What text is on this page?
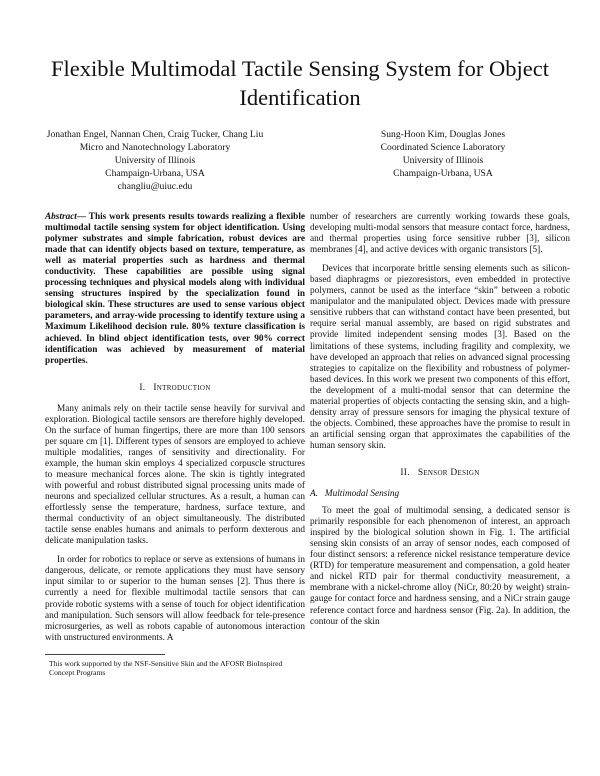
Flexible Multimodal Tactile Sensing System for Object Identification
Jonathan Engel, Nannan Chen, Craig Tucker, Chang Liu
Micro and Nanotechnology Laboratory
University of Illinois
Champaign-Urbana, USA
changliu@uiuc.edu
Sung-Hoon Kim, Douglas Jones
Coordinated Science Laboratory
University of Illinois
Champaign-Urbana, USA

Abstract— This work presents results towards realizing a flexible multimodal tactile sensing system for object identification. Using polymer substrates and simple fabrication, robust devices are made that can identify objects based on texture, temperature, as well as material properties such as hardness and thermal conductivity. These capabilities are possible using signal processing techniques and physical models along with individual sensing structures inspired by the specialization found in biological skin. These structures are used to sense various object parameters, and array-wide processing to identify texture using a Maximum Likelihood decision rule. 80% texture classification is achieved. In blind object identification tests, over 90% correct identification was achieved by measurement of material properties.

I. Introduction

Many animals rely on their tactile sense heavily for survival and exploration. Biological tactile sensors are therefore highly developed. On the surface of human fingertips, there are more than 100 sensors per square cm [1]. Different types of sensors are employed to achieve multiple modalities, ranges of sensitivity and directionality. For example, the human skin employs 4 specialized corpuscle structures to measure mechanical forces alone. The skin is tightly integrated with powerful and robust distributed signal processing units made of neurons and specialized cellular structures. As a result, a human can effortlessly sense the temperature, hardness, surface texture, and thermal conductivity of an object simultaneously. The distributed tactile sense enables humans and animals to perform dexterous and delicate manipulation tasks.

In order for robotics to replace or serve as extensions of humans in dangerous, delicate, or remote applications they must have sensory input similar to or superior to the human senses [2]. Thus there is currently a need for flexible multimodal tactile sensors that can provide robotic systems with a sense of touch for object identification and manipulation. Such sensors will allow feedback for tele-presence microsurgeries, as well as robots capable of autonomous interaction with unstructured environments. A

This work supported by the NSF-Sensitive Skin and the AFOSR BioInspired Concept Programs

number of researchers are currently working towards these goals, developing multi-modal sensors that measure contact force, hardness, and thermal properties using force sensitive rubber [3], silicon membranes [4], and active devices with organic transistors [5].

Devices that incorporate brittle sensing elements such as silicon-based diaphragms or piezoresistors, even embedded in protective polymers, cannot be used as the interface “skin” between a robotic manipulator and the manipulated object. Devices made with pressure sensitive rubbers that can withstand contact have been presented, but require serial manual assembly, are based on rigid substrates and provide limited independent sensing modes [3]. Based on the limitations of these systems, including fragility and complexity, we have developed an approach that relies on advanced signal processing strategies to capitalize on the flexibility and robustness of polymer-based devices. In this work we present two components of this effort, the development of a multi-modal sensor that can determine the material properties of objects contacting the sensing skin, and a high-density array of pressure sensors for imaging the physical texture of the objects. Combined, these approaches have the promise to result in an artificial sensing organ that approximates the capabilities of the human sensory skin.

II. Sensor Design
A. Multimodal Sensing

To meet the goal of multimodal sensing, a dedicated sensor is primarily responsible for each phenomenon of interest, an approach inspired by the biological solution shown in Fig. 1. The artificial sensing skin consists of an array of sensor nodes, each composed of four distinct sensors: a reference nickel resistance temperature device (RTD) for temperature measurement and compensation, a gold heater and nickel RTD pair for thermal conductivity measurement, a membrane with a nickel-chrome alloy (NiCr, 80:20 by weight) strain-gauge for contact force and hardness sensing, and a NiCr strain gauge reference contact force and hardness sensor (Fig. 2a). In addition, the contour of the skin
